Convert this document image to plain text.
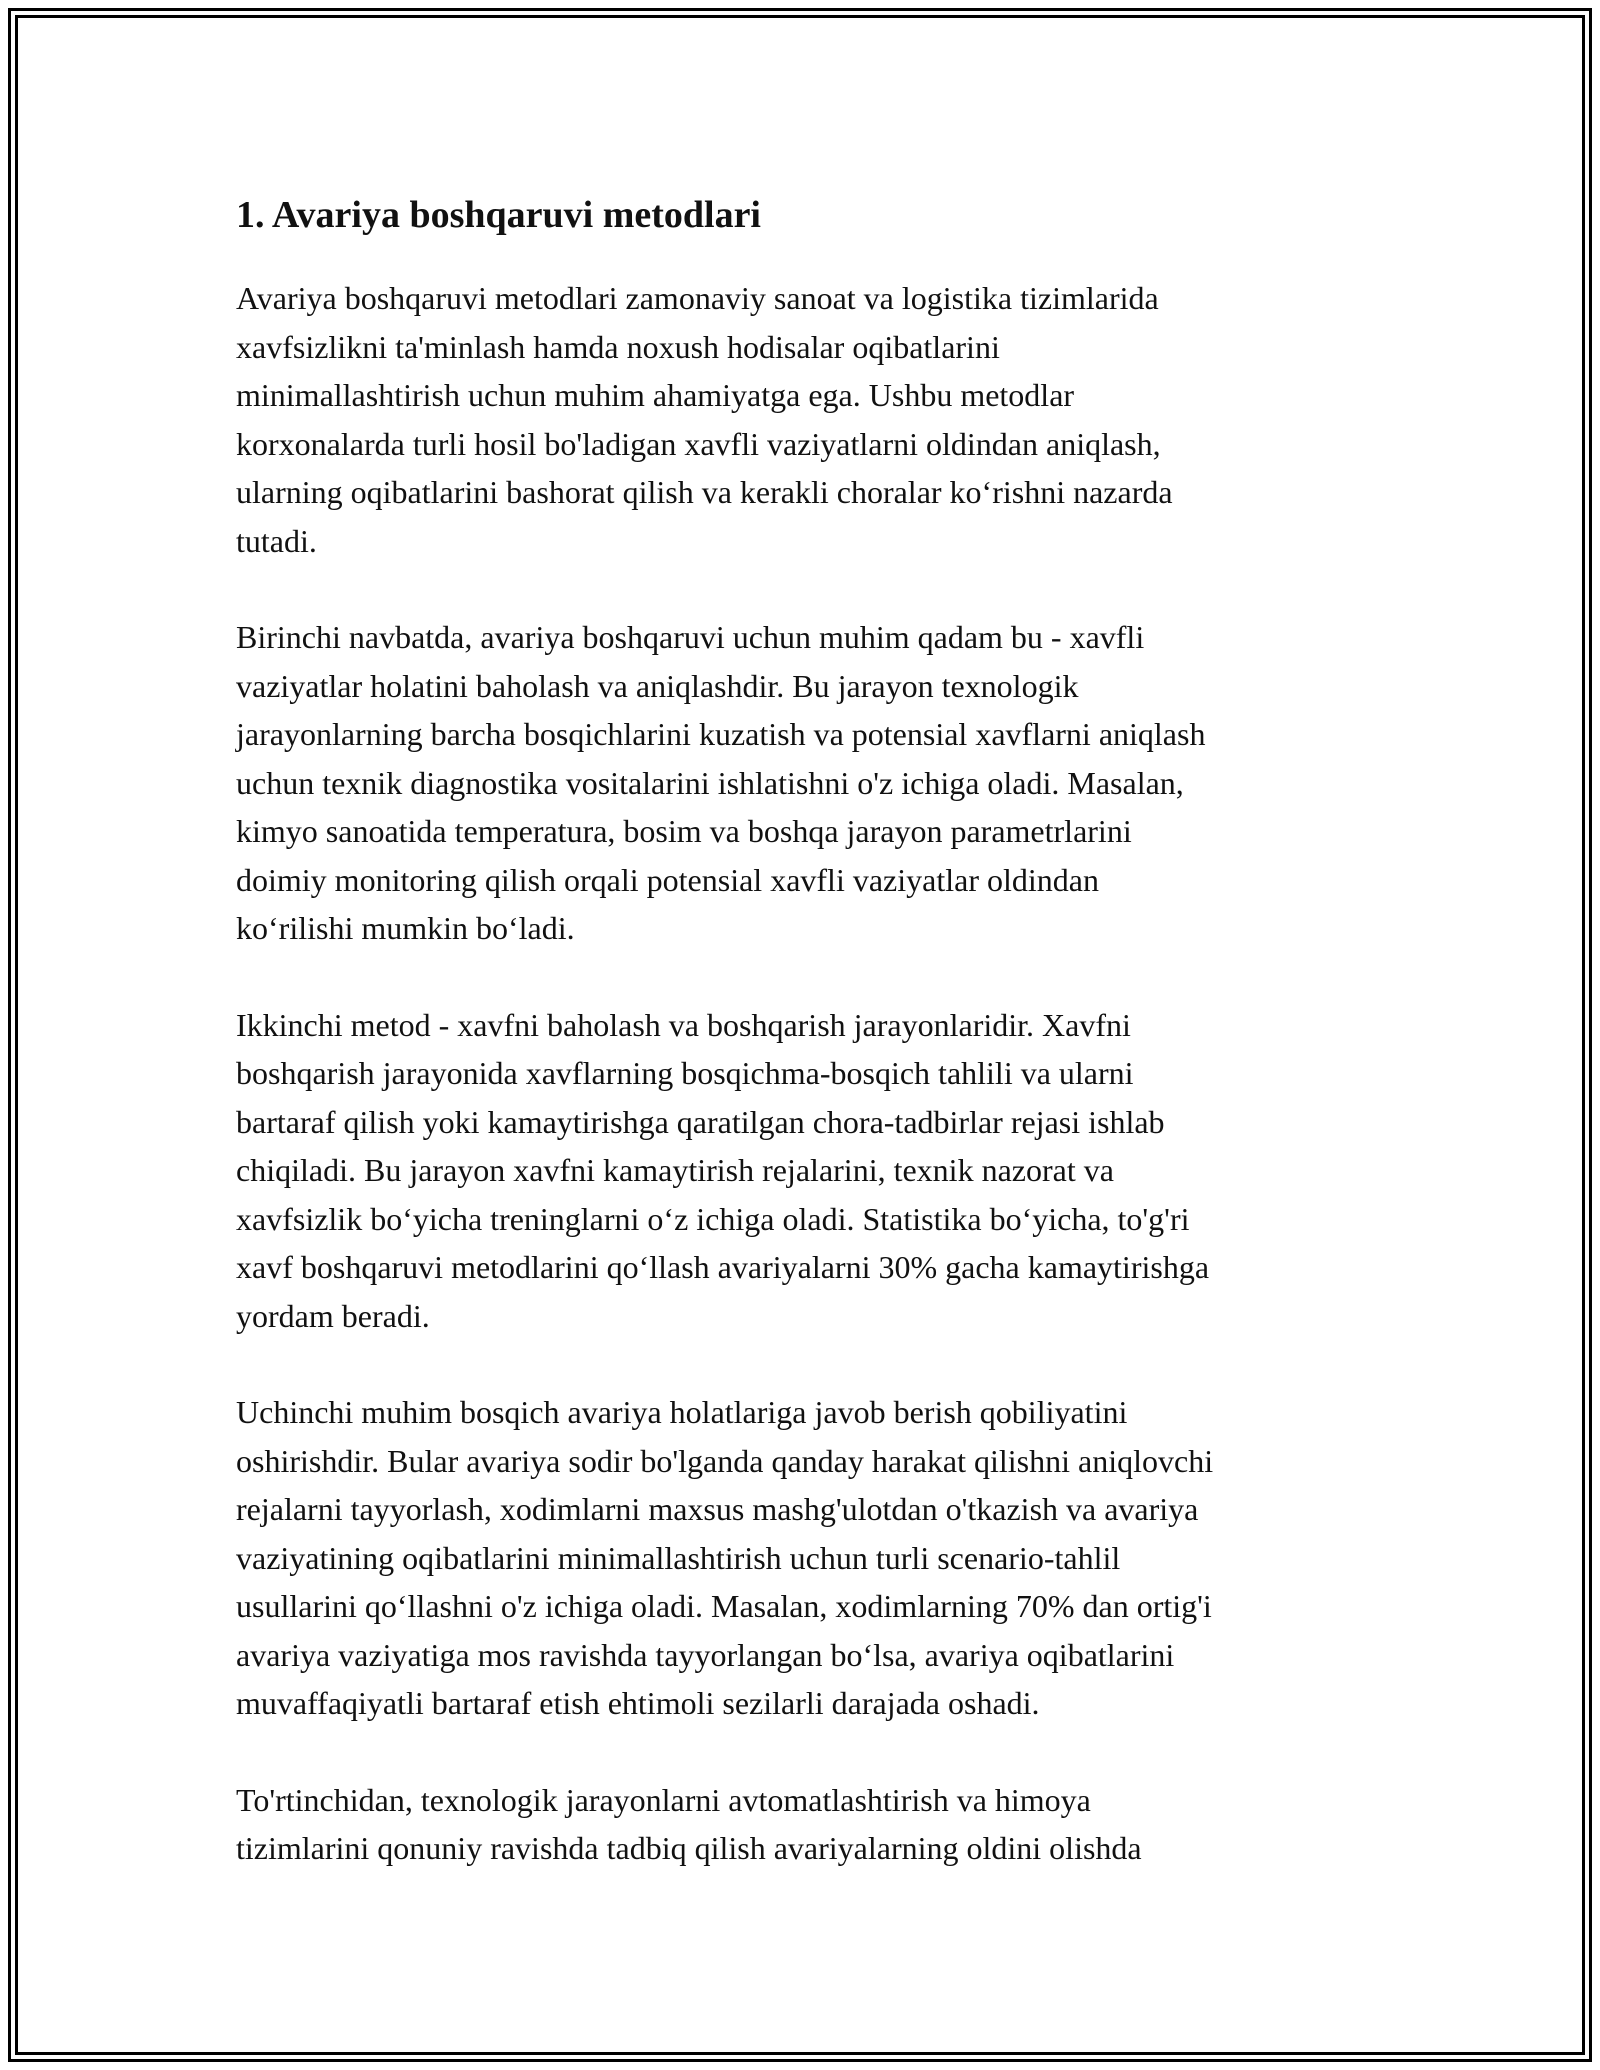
1. Avariya boshqaruvi metodlari

Avariya boshqaruvi metodlari zamonaviy sanoat va logistika tizimlarida
xavfsizlikni ta'minlash hamda noxush hodisalar oqibatlarini
minimallashtirish uchun muhim ahamiyatga ega. Ushbu metodlar
korxonalarda turli hosil bo'ladigan xavfli vaziyatlarni oldindan aniqlash,
ularning oqibatlarini bashorat qilish va kerakli choralar koʻrishni nazarda
tutadi.

Birinchi navbatda, avariya boshqaruvi uchun muhim qadam bu - xavfli
vaziyatlar holatini baholash va aniqlashdir. Bu jarayon texnologik
jarayonlarning barcha bosqichlarini kuzatish va potensial xavflarni aniqlash
uchun texnik diagnostika vositalarini ishlatishni o'z ichiga oladi. Masalan,
kimyo sanoatida temperatura, bosim va boshqa jarayon parametrlarini
doimiy monitoring qilish orqali potensial xavfli vaziyatlar oldindan
koʻrilishi mumkin boʻladi.

Ikkinchi metod - xavfni baholash va boshqarish jarayonlaridir. Xavfni
boshqarish jarayonida xavflarning bosqichma-bosqich tahlili va ularni
bartaraf qilish yoki kamaytirishga qaratilgan chora-tadbirlar rejasi ishlab
chiqiladi. Bu jarayon xavfni kamaytirish rejalarini, texnik nazorat va
xavfsizlik boʻyicha treninglarni oʻz ichiga oladi. Statistika boʻyicha, to'g'ri
xavf boshqaruvi metodlarini qoʻllash avariyalarni 30% gacha kamaytirishga
yordam beradi.

Uchinchi muhim bosqich avariya holatlariga javob berish qobiliyatini
oshirishdir. Bular avariya sodir bo'lganda qanday harakat qilishni aniqlovchi
rejalarni tayyorlash, xodimlarni maxsus mashg'ulotdan o'tkazish va avariya
vaziyatining oqibatlarini minimallashtirish uchun turli scenario-tahlil
usullarini qoʻllashni o'z ichiga oladi. Masalan, xodimlarning 70% dan ortig'i
avariya vaziyatiga mos ravishda tayyorlangan boʻlsa, avariya oqibatlarini
muvaffaqiyatli bartaraf etish ehtimoli sezilarli darajada oshadi.

To'rtinchidan, texnologik jarayonlarni avtomatlashtirish va himoya
tizimlarini qonuniy ravishda tadbiq qilish avariyalarning oldini olishda
